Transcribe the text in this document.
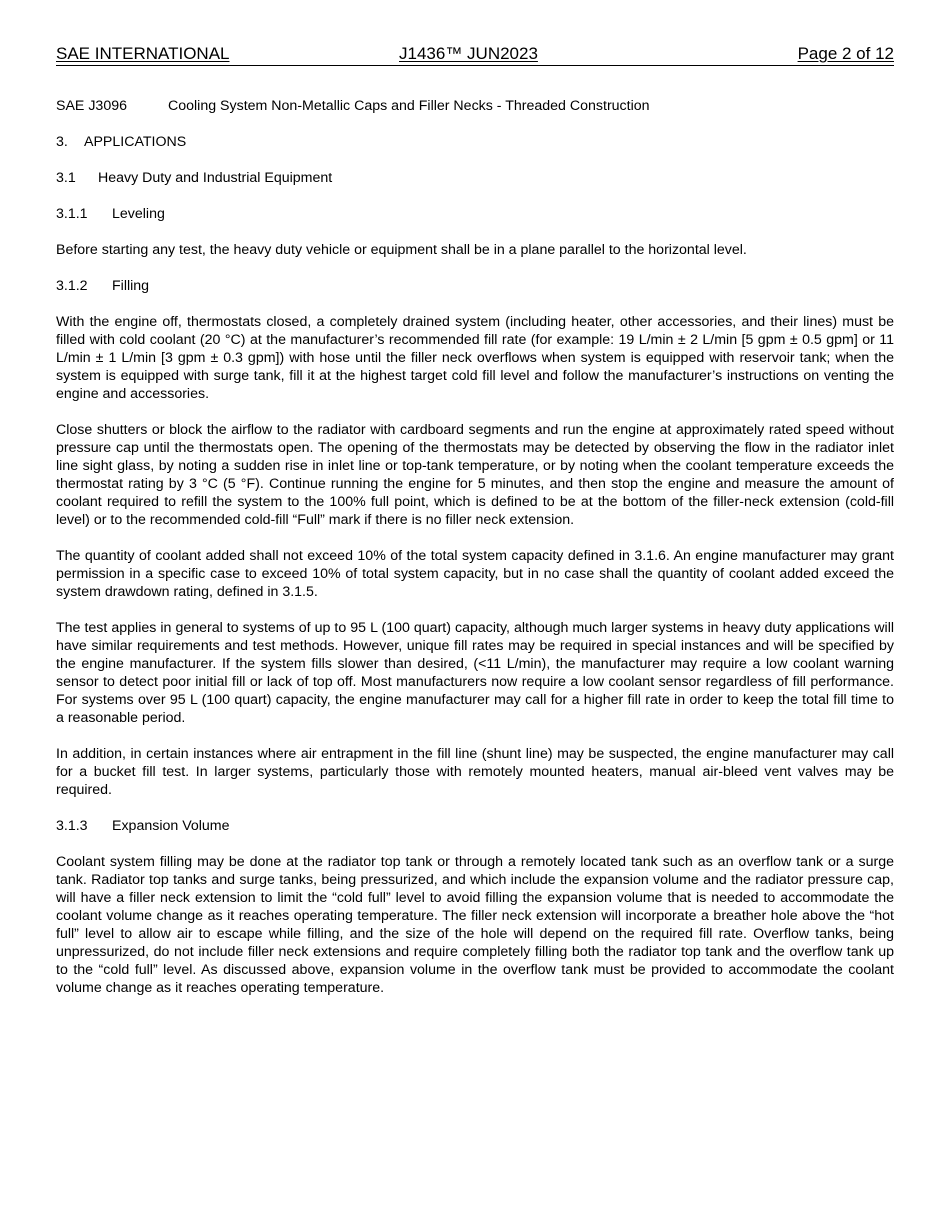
SAE INTERNATIONAL	J1436™ JUN2023	Page 2 of 12
SAE J3096	Cooling System Non-Metallic Caps and Filler Necks - Threaded Construction
3. APPLICATIONS
3.1 Heavy Duty and Industrial Equipment
3.1.1 Leveling

Before starting any test, the heavy duty vehicle or equipment shall be in a plane parallel to the horizontal level.

3.1.2 Filling

With the engine off, thermostats closed, a completely drained system (including heater, other accessories, and their lines) must be filled with cold coolant (20 °C) at the manufacturer’s recommended fill rate (for example: 19 L/min ± 2 L/min [5 gpm ± 0.5 gpm] or 11 L/min ± 1 L/min [3 gpm ± 0.3 gpm]) with hose until the filler neck overflows when system is equipped with reservoir tank; when the system is equipped with surge tank, fill it at the highest target cold fill level and follow the manufacturer’s instructions on venting the engine and accessories.

Close shutters or block the airflow to the radiator with cardboard segments and run the engine at approximately rated speed without pressure cap until the thermostats open. The opening of the thermostats may be detected by observing the flow in the radiator inlet line sight glass, by noting a sudden rise in inlet line or top-tank temperature, or by noting when the coolant temperature exceeds the thermostat rating by 3 °C (5 °F). Continue running the engine for 5 minutes, and then stop the engine and measure the amount of coolant required to refill the system to the 100% full point, which is defined to be at the bottom of the filler-neck extension (cold-fill level) or to the recommended cold-fill “Full” mark if there is no filler neck extension.

The quantity of coolant added shall not exceed 10% of the total system capacity defined in 3.1.6. An engine manufacturer may grant permission in a specific case to exceed 10% of total system capacity, but in no case shall the quantity of coolant added exceed the system drawdown rating, defined in 3.1.5.

The test applies in general to systems of up to 95 L (100 quart) capacity, although much larger systems in heavy duty applications will have similar requirements and test methods. However, unique fill rates may be required in special instances and will be specified by the engine manufacturer. If the system fills slower than desired, (<11 L/min), the manufacturer may require a low coolant warning sensor to detect poor initial fill or lack of top off. Most manufacturers now require a low coolant sensor regardless of fill performance. For systems over 95 L (100 quart) capacity, the engine manufacturer may call for a higher fill rate in order to keep the total fill time to a reasonable period.

In addition, in certain instances where air entrapment in the fill line (shunt line) may be suspected, the engine manufacturer may call for a bucket fill test. In larger systems, particularly those with remotely mounted heaters, manual air-bleed vent valves may be required.

3.1.3 Expansion Volume

Coolant system filling may be done at the radiator top tank or through a remotely located tank such as an overflow tank or a surge tank. Radiator top tanks and surge tanks, being pressurized, and which include the expansion volume and the radiator pressure cap, will have a filler neck extension to limit the “cold full” level to avoid filling the expansion volume that is needed to accommodate the coolant volume change as it reaches operating temperature. The filler neck extension will incorporate a breather hole above the “hot full” level to allow air to escape while filling, and the size of the hole will depend on the required fill rate. Overflow tanks, being unpressurized, do not include filler neck extensions and require completely filling both the radiator top tank and the overflow tank up to the “cold full” level. As discussed above, expansion volume in the overflow tank must be provided to accommodate the coolant volume change as it reaches operating temperature.
